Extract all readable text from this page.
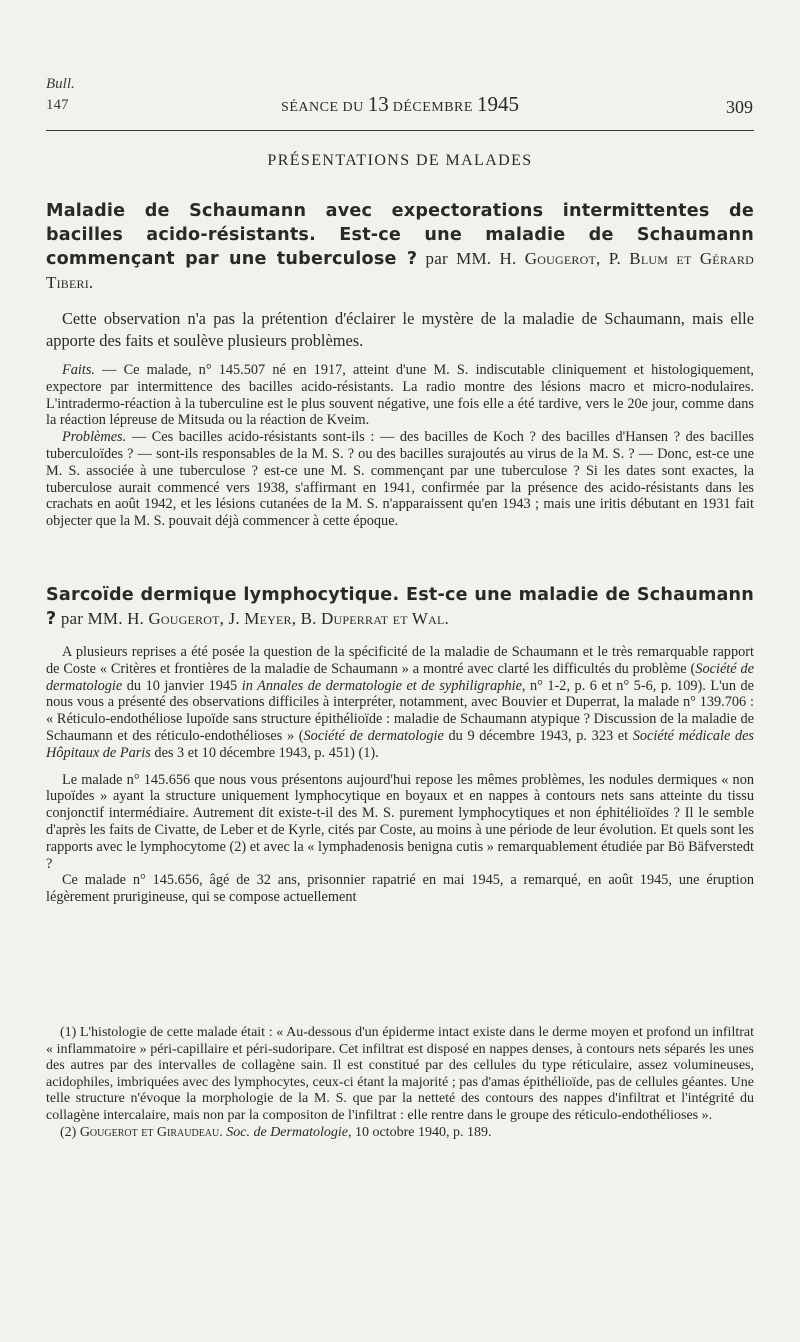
Bull.
147	SÉANCE DU 13 DÉCEMBRE 1945	309
PRÉSENTATIONS DE MALADES
Maladie de Schaumann avec expectorations intermittentes de bacilles acido-résistants. Est-ce une maladie de Schaumann commençant par une tuberculose ? par MM. H. Gougerot, P. Blum et Gérard Tiberi.

Cette observation n'a pas la prétention d'éclairer le mystère de la maladie de Schaumann, mais elle apporte des faits et soulève plusieurs problèmes.

Faits. — Ce malade, n° 145.507 né en 1917, atteint d'une M. S. indiscutable cliniquement et histologiquement, expectore par intermittence des bacilles acido-résistants. La radio montre des lésions macro et micro-nodulaires. L'intradermo-réaction à la tuberculine est le plus souvent négative, une fois elle a été tardive, vers le 20e jour, comme dans la réaction lépreuse de Mitsuda ou la réaction de Kveim.

Problèmes. — Ces bacilles acido-résistants sont-ils : — des bacilles de Koch ? des bacilles d'Hansen ? des bacilles tuberculoïdes ? — sont-ils responsables de la M. S. ? ou des bacilles surajoutés au virus de la M. S. ? — Donc, est-ce une M. S. associée à une tuberculose ? est-ce une M. S. commençant par une tuberculose ? Si les dates sont exactes, la tuberculose aurait commencé vers 1938, s'affirmant en 1941, confirmée par la présence des acido-résistants dans les crachats en août 1942, et les lésions cutanées de la M. S. n'apparaissent qu'en 1943 ; mais une iritis débutant en 1931 fait objecter que la M. S. pouvait déjà commencer à cette époque.

Sarcoïde dermique lymphocytique. Est-ce une maladie de Schaumann ? par MM. H. Gougerot, J. Meyer, B. Duperrat et Wal.

A plusieurs reprises a été posée la question de la spécificité de la maladie de Schaumann et le très remarquable rapport de Coste « Critères et frontières de la maladie de Schaumann » a montré avec clarté les difficultés du problème (Société de dermatologie du 10 janvier 1945 in Annales de dermatologie et de syphiligraphie, n° 1-2, p. 6 et n° 5-6, p. 109). L'un de nous vous a présenté des observations difficiles à interpréter, notamment, avec Bouvier et Duperrat, la malade n° 139.706 : « Réticulo-endothéliose lupoïde sans structure épithélioïde : maladie de Schaumann atypique ? Discussion de la maladie de Schaumann et des réticulo-endothélioses » (Société de dermatologie du 9 décembre 1943, p. 323 et Société médicale des Hôpitaux de Paris des 3 et 10 décembre 1943, p. 451) (1).

Le malade n° 145.656 que nous vous présentons aujourd'hui repose les mêmes problèmes, les nodules dermiques « non lupoïdes » ayant la structure uniquement lymphocytique en boyaux et en nappes à contours nets sans atteinte du tissu conjonctif intermédiaire. Autrement dit existe-t-il des M. S. purement lymphocytiques et non éphitélioïdes ? Il le semble d'après les faits de Civatte, de Leber et de Kyrle, cités par Coste, au moins à une période de leur évolution. Et quels sont les rapports avec le lymphocytome (2) et avec la « lymphadenosis benigna cutis » remarquablement étudiée par Bö Bäfverstedt ?

Ce malade n° 145.656, âgé de 32 ans, prisonnier rapatrié en mai 1945, a remarqué, en août 1945, une éruption légèrement prurigineuse, qui se compose actuellement

(1) L'histologie de cette malade était : « Au-dessous d'un épiderme intact existe dans le derme moyen et profond un infiltrat « inflammatoire » péri-capillaire et péri-sudoripare. Cet infiltrat est disposé en nappes denses, à contours nets séparés les unes des autres par des intervalles de collagène sain. Il est constitué par des cellules du type réticulaire, assez volumineuses, acidophiles, imbriquées avec des lymphocytes, ceux-ci étant la majorité ; pas d'amas épithélioïde, pas de cellules géantes. Une telle structure n'évoque la morphologie de la M. S. que par la netteté des contours des nappes d'infiltrat et l'intégrité du collagène intercalaire, mais non par la compositon de l'infiltrat : elle rentre dans le groupe des réticulo-endothélioses ».

(2) Gougerot et Giraudeau. Soc. de Dermatologie, 10 octobre 1940, p. 189.
